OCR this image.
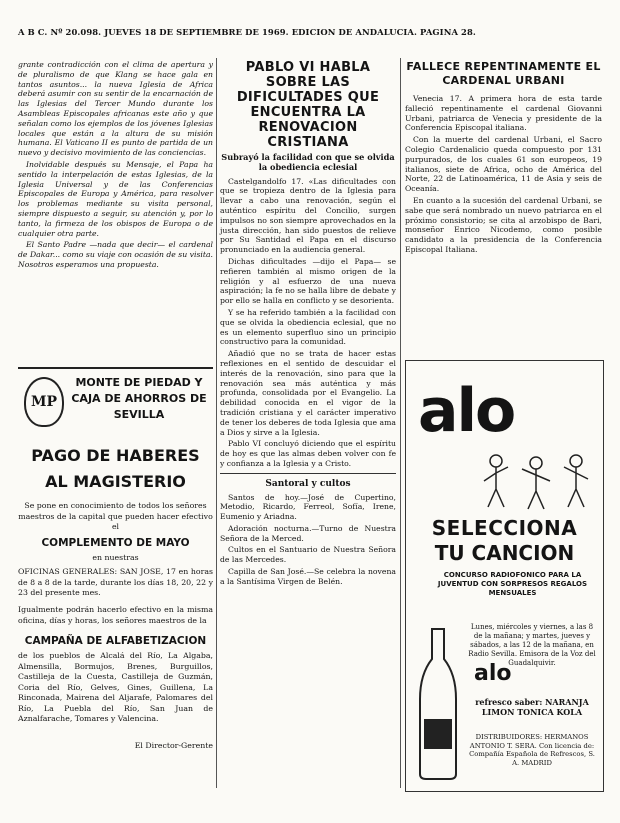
A B C. Nº 20.098. JUEVES 18 DE SEPTIEMBRE DE 1969. EDICION DE ANDALUCIA. PAGINA 28.

grante contradicción con el clima de apertura y de pluralismo de que Klang se hace gala en tantos asuntos... la nueva Iglesia de Africa deberá asumir con su sentir de la encarnación de las Iglesias del Tercer Mundo durante los Asambleas Episcopales africanas este año y que señalan como los ejemplos de los jóvenes Iglesias locales que están a la altura de su misión humana. El Vaticano II es punto de partida de un nuevo y decisivo movimiento de las conciencias.

Inolvidable después su Mensaje, el Papa ha sentido la interpelación de estas Iglesias, de la Iglesia Universal y de las Conferencias Episcopales de Europa y América, para resolver los problemas mediante su visita personal, siempre dispuesto a seguir, su atención y, por lo tanto, la firmeza de los obispos de Europa o de cualquier otra parte.

El Santo Padre —nada que decir— el cardenal de Dakar... como su viaje con ocasión de su visita. Nosotros esperamos una propuesta.

MP
MONTE DE PIEDAD Y CAJA DE AHORROS DE SEVILLA
PAGO DE HABERES AL MAGISTERIO
Se pone en conocimiento de todos los señores maestros de la capital que pueden hacer efectivo el
COMPLEMENTO DE MAYO
en nuestras
OFICINAS GENERALES: SAN JOSE, 17 en horas de 8 a 8 de la tarde, durante los días 18, 20, 22 y 23 del presente mes.
Igualmente podrán hacerlo efectivo en la misma oficina, días y horas, los señores maestros de la
CAMPAÑA DE ALFABETIZACION
de los pueblos de Alcalá del Río, La Algaba, Almensilla, Bormujos, Brenes, Burguillos, Castilleja de la Cuesta, Castilleja de Guzmán, Coria del Río, Gelves, Gines, Guillena, La Rinconada, Mairena del Aljarafe, Palomares del Río, La Puebla del Río, San Juan de Aznalfarache, Tomares y Valencina.
El Director-Gerente
PABLO VI HABLA SOBRE LAS DIFICULTADES QUE ENCUENTRA LA RENOVACION CRISTIANA
Subrayó la facilidad con que se olvida la obediencia eclesial

Castelgandolfo 17. «Las dificultades con que se tropieza dentro de la Iglesia para llevar a cabo una renovación, según el auténtico espíritu del Concilio, surgen impulsos no son siempre aprovechados en la justa dirección, han sido puestos de relieve por Su Santidad el Papa en el discurso pronunciado en la audiencia general.

Dichas dificultades —dijo el Papa— se refieren también al mismo origen de la religión y al esfuerzo de una nueva aspiración; la fe no se halla libre de debate y por ello se halla en conflicto y se desorienta.

Y se ha referido también a la facilidad con que se olvida la obediencia eclesial, que no es un elemento superfluo sino un principio constructivo para la comunidad.

Añadió que no se trata de hacer estas reflexiones en el sentido de descuidar el interés de la renovación, sino para que la renovación sea más auténtica y más profunda, consolidada por el Evangelio. La debilidad conocida en el vigor de la tradición cristiana y el carácter imperativo de tener los deberes de toda Iglesia que ama a Dios y sirve a la Iglesia.

Pablo VI concluyó diciendo que el espíritu de hoy es que las almas deben volver con fe y confianza a la Iglesia y a Cristo.

Santoral y cultos

Santos de hoy.—José de Cupertino, Metodio, Ricardo, Ferreol, Sofía, Irene, Eumenio y Ariadna.

Adoración nocturna.—Turno de Nuestra Señora de la Merced.

Cultos en el Santuario de Nuestra Señora de las Mercedes.

Capilla de San José.—Se celebra la novena a la Santísima Virgen de Belén.

FALLECE REPENTINAMENTE EL CARDENAL URBANI

Venecia 17. A primera hora de esta tarde falleció repentinamente el cardenal Giovanni Urbani, patriarca de Venecia y presidente de la Conferencia Episcopal italiana.

Con la muerte del cardenal Urbani, el Sacro Colegio Cardenalicio queda compuesto por 131 purpurados, de los cuales 61 son europeos, 19 italianos, siete de Africa, ocho de América del Norte, 22 de Latinoamérica, 11 de Asia y seis de Oceanía.

En cuanto a la sucesión del cardenal Urbani, se sabe que será nombrado un nuevo patriarca en el próximo consistorio; se cita al arzobispo de Bari, monseñor Enrico Nicodemo, como posible candidato a la presidencia de la Conferencia Episcopal Italiana.

alo
SELECCIONA
TU CANCION
CONCURSO RADIOFONICO PARA LA JUVENTUD CON SORPRESOS REGALOS MENSUALES
Lunes, miércoles y viernes, a las 8 de la mañana; y martes, jueves y sábados, a las 12 de la mañana, en Radio Sevilla. Emisora de la Voz del Guadalquivir.
alo
refresco saber: NARANJA LIMON TONICA KOLA
DISTRIBUIDORES: HERMANOS ANTONIO T. SERA. Con licencia de: Compañía Española de Refrescos, S. A. MADRID
